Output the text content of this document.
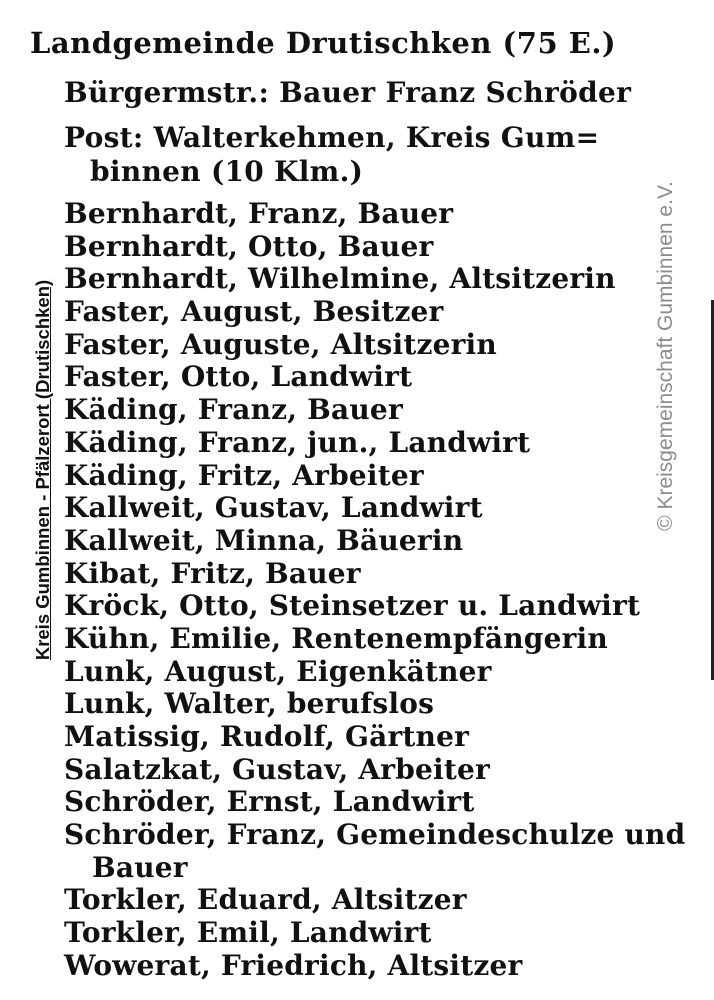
Landgemeinde Drutischken (75 E.)
Bürgermstr.: Bauer Franz Schröder
Post: Walterkehmen, Kreis Gum=
binnen (10 Klm.)
Bernhardt, Franz, Bauer
Bernhardt, Otto, Bauer
Bernhardt, Wilhelmine, Altsitzerin
Faster, August, Besitzer
Faster, Auguste, Altsitzerin
Faster, Otto, Landwirt
Käding, Franz, Bauer
Käding, Franz, jun., Landwirt
Käding, Fritz, Arbeiter
Kallweit, Gustav, Landwirt
Kallweit, Minna, Bäuerin
Kibat, Fritz, Bauer
Kröck, Otto, Steinsetzer u. Landwirt
Kühn, Emilie, Rentenempfängerin
Lunk, August, Eigenkätner
Lunk, Walter, berufslos
Matissig, Rudolf, Gärtner
Salatzkat, Gustav, Arbeiter
Schröder, Ernst, Landwirt
Schröder, Franz, Gemeindeschulze und
Bauer
Torkler, Eduard, Altsitzer
Torkler, Emil, Landwirt
Wowerat, Friedrich, Altsitzer
Kreis Gumbinnen - Pfälzerort (Drutischken)	© Kreisgemeinschaft Gumbinnen e.V.
